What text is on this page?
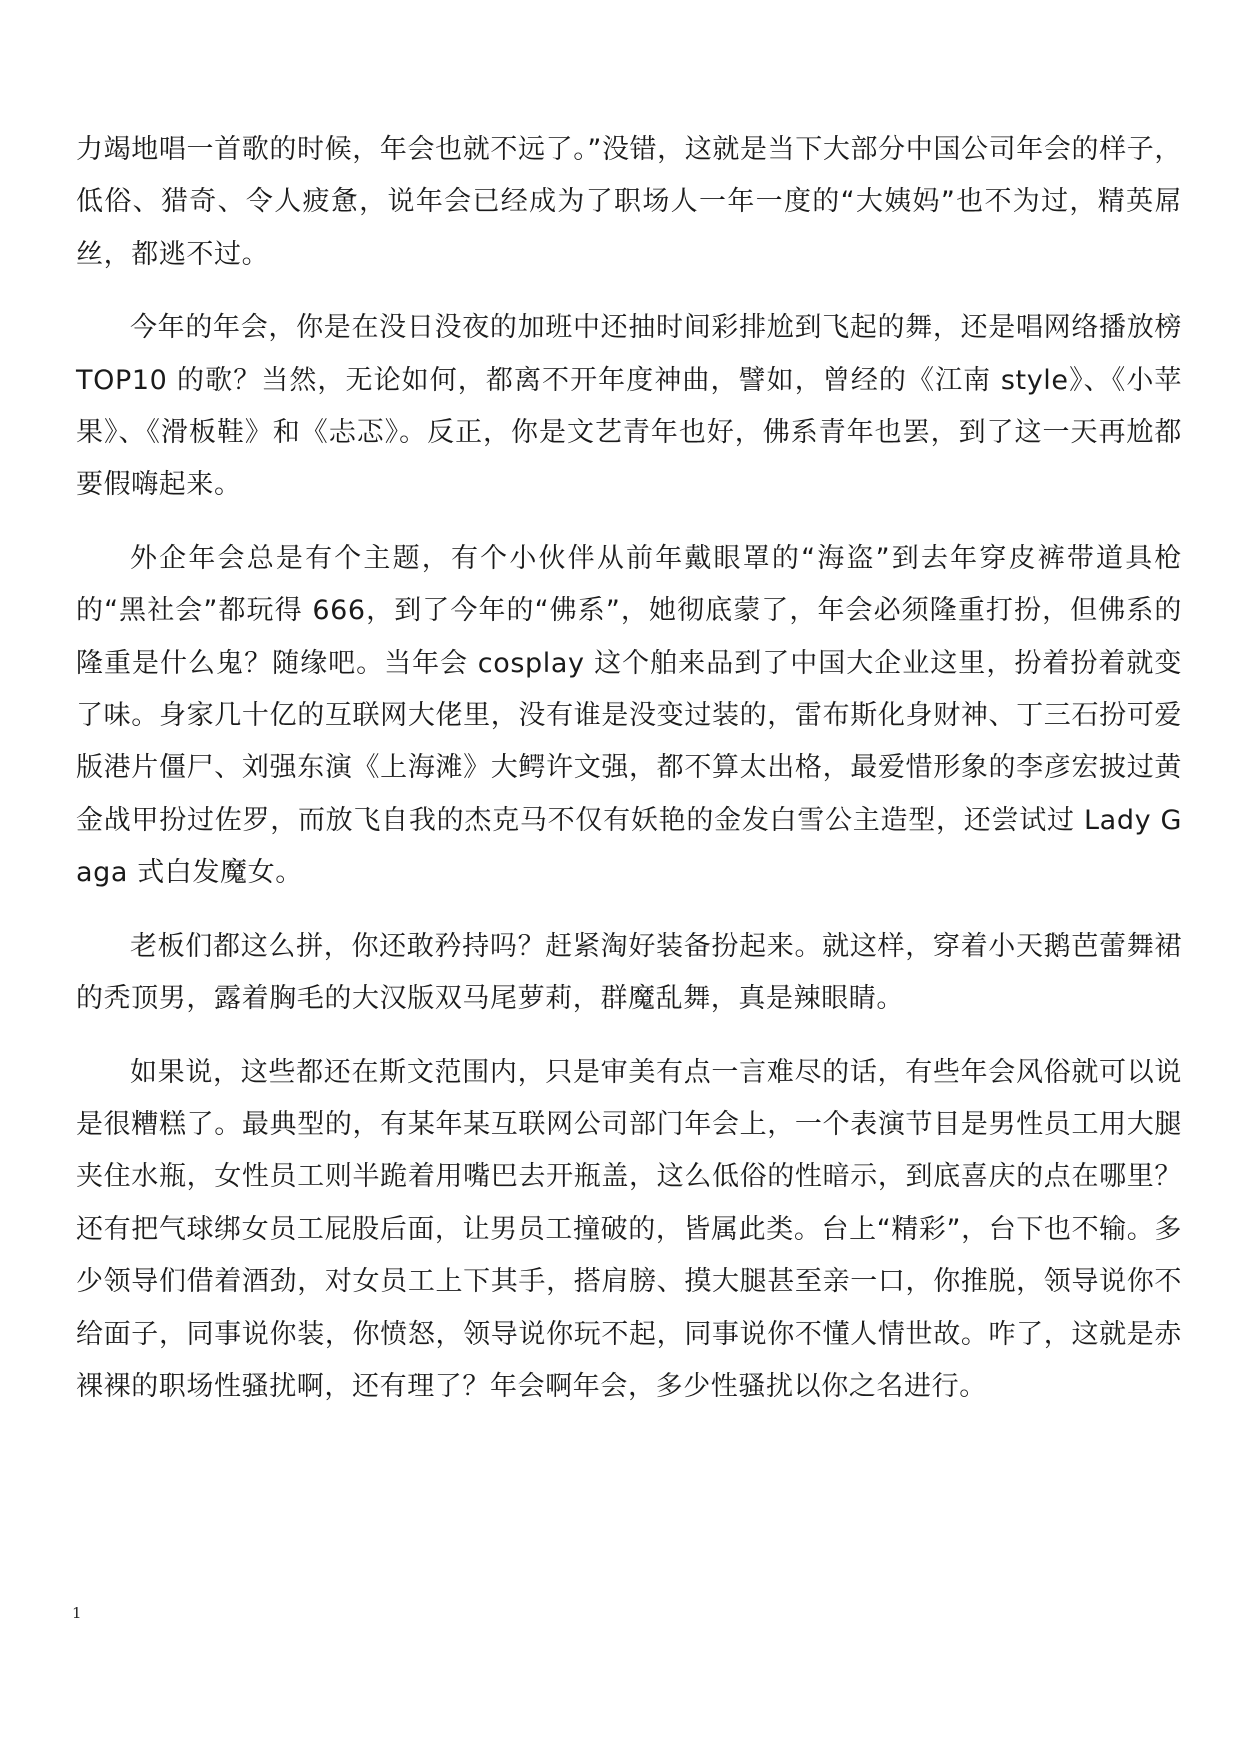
力竭地唱一首歌的时候，年会也就不远了。”没错，这就是当下大部分中国公司年会的样子，低俗、猎奇、令人疲惫，说年会已经成为了职场人一年一度的“大姨妈”也不为过，精英屌丝，都逃不过。

今年的年会，你是在没日没夜的加班中还抽时间彩排尬到飞起的舞，还是唱网络播放榜 TOP10 的歌？当然，无论如何，都离不开年度神曲，譬如，曾经的《江南 style》、《小苹果》、《滑板鞋》和《忐忑》。反正，你是文艺青年也好，佛系青年也罢，到了这一天再尬都要假嗨起来。

外企年会总是有个主题，有个小伙伴从前年戴眼罩的“海盗”到去年穿皮裤带道具枪的“黑社会”都玩得 666，到了今年的“佛系”，她彻底蒙了，年会必须隆重打扮，但佛系的隆重是什么鬼？随缘吧。当年会 cosplay 这个舶来品到了中国大企业这里，扮着扮着就变了味。身家几十亿的互联网大佬里，没有谁是没变过装的，雷布斯化身财神、丁三石扮可爱版港片僵尸、刘强东演《上海滩》大鳄许文强，都不算太出格，最爱惜形象的李彦宏披过黄金战甲扮过佐罗，而放飞自我的杰克马不仅有妖艳的金发白雪公主造型，还尝试过 Lady Gaga 式白发魔女。

老板们都这么拼，你还敢矜持吗？赶紧淘好装备扮起来。就这样，穿着小天鹅芭蕾舞裙的秃顶男，露着胸毛的大汉版双马尾萝莉，群魔乱舞，真是辣眼睛。

如果说，这些都还在斯文范围内，只是审美有点一言难尽的话，有些年会风俗就可以说是很糟糕了。最典型的，有某年某互联网公司部门年会上，一个表演节目是男性员工用大腿夹住水瓶，女性员工则半跪着用嘴巴去开瓶盖，这么低俗的性暗示，到底喜庆的点在哪里？还有把气球绑女员工屁股后面，让男员工撞破的，皆属此类。台上“精彩”，台下也不输。多少领导们借着酒劲，对女员工上下其手，搭肩膀、摸大腿甚至亲一口，你推脱，领导说你不给面子，同事说你装，你愤怒，领导说你玩不起，同事说你不懂人情世故。咋了，这就是赤裸裸的职场性骚扰啊，还有理了？年会啊年会，多少性骚扰以你之名进行。

1
